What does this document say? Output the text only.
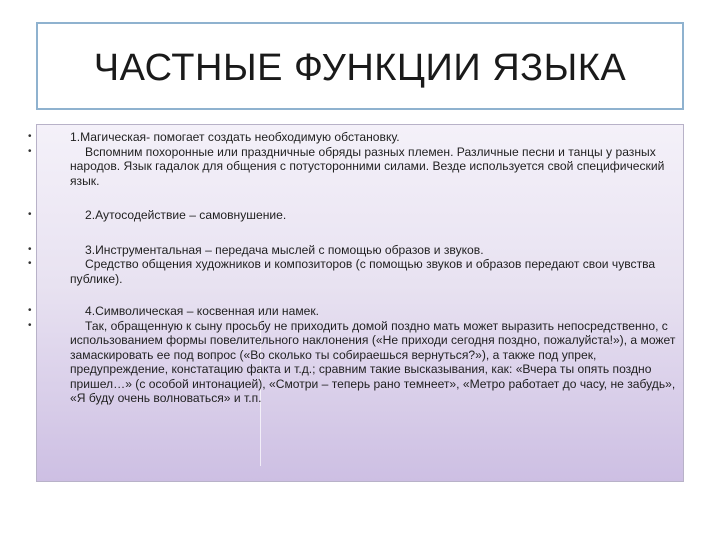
ЧАСТНЫЕ ФУНКЦИИ ЯЗЫКА
•	1.Магическая- помогает создать необходимую обстановку.
•	Вспомним похоронные или праздничные обряды разных племен. Различные песни и танцы у разных народов. Язык гадалок для общения с потусторонними силами. Везде используется свой специфический язык.
•	2.Аутосодействие – самовнушение.
•	3.Инструментальная – передача мыслей с помощью образов и звуков.
•	Средство общения художников и композиторов (с помощью звуков и образов передают свои чувства публике).
•	4.Символическая – косвенная или намек.
•	Так, обращенную к сыну просьбу не приходить домой поздно мать может выразить непосредственно, с использованием формы повелительного наклонения («Не приходи сегодня поздно, пожалуйста!»), а может замаскировать ее под вопрос («Во сколько ты собираешься вернуться?»), а также под упрек, предупреждение, констатацию факта и т.д.; сравним такие высказывания, как: «Вчера ты опять поздно пришел…» (с особой интонацией), «Смотри – теперь рано темнеет», «Метро работает до часу, не забудь», «Я буду очень волноваться» и т.п.
